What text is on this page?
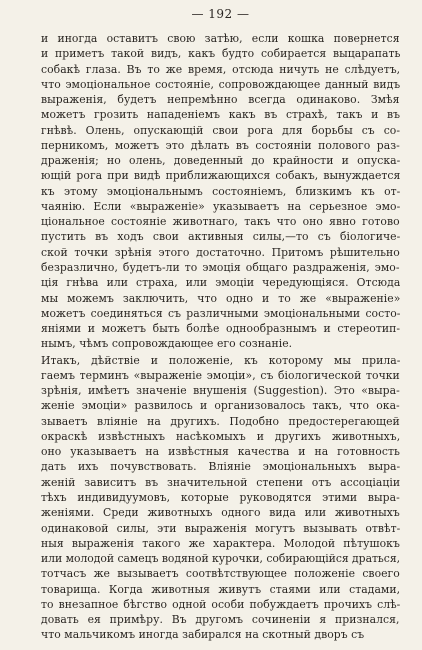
— 192 —
и иногда оставитъ свою затѣю, если кошка повернется
и приметъ такой видъ, какъ будто собирается выцарапать
собакѣ глаза. Въ то же время, отсюда ничуть не слѣдуетъ,
что эмоціональное состояніе, сопровождающее данный видъ
выраженія, будетъ непремѣнно всегда одинаково. Змѣя
можетъ грозить нападеніемъ какъ въ страхѣ, такъ и въ
гнѣвѣ. Олень, опускающій свои рога для борьбы съ со-
перникомъ, можетъ это дѣлать въ состояніи полового раз-
драженія; но олень, доведенный до крайности и опуска-
ющій рога при видѣ приближающихся собакъ, вынуждается
къ этому эмоціональнымъ состояніемъ, близкимъ къ от-
чаянію. Если «выраженіе» указываетъ на серьезное эмо-
ціональное состояніе животнаго, такъ что оно явно готово
пустить въ ходъ свои активныя силы,—то съ біологиче-
ской точки зрѣнія этого достаточно. Притомъ рѣшительно
безразлично, будетъ-ли то эмоція общаго раздраженія, эмо-
ція гнѣва или страха, или эмоціи чередующіяся. Отсюда
мы можемъ заключить, что одно и то же «выраженіе»
можетъ соединяться съ различными эмоціональными состо-
яніями и можетъ быть болѣе однообразнымъ и стереотип-
нымъ, чѣмъ сопровождающее его сознаніе.
Итакъ, дѣйствіе и положеніе, къ которому мы прила-
гаемъ терминъ «выраженіе эмоціи», съ біологической точки
зрѣнія, имѣетъ значеніе внушенія (Suggestion). Это «выра-
женіе эмоціи» развилось и организовалось такъ, что ока-
зываетъ вліяніе на другихъ. Подобно предостерегающей
окраскѣ извѣстныхъ насѣкомыхъ и другихъ животныхъ,
оно указываетъ на извѣстныя качества и на готовность
дать ихъ почувствовать. Вліяніе эмоціональныхъ выра-
женій зависитъ въ значительной степени отъ ассоціаціи
тѣхъ индивидуумовъ, которые руководятся этими выра-
женіями. Среди животныхъ одного вида или животныхъ
одинаковой силы, эти выраженія могутъ вызывать отвѣт-
ныя выраженія такого же характера. Молодой пѣтушокъ
или молодой самецъ водяной курочки, собирающійся драться,
тотчасъ же вызываетъ соотвѣтствующее положеніе своего
товарища. Когда животныя живутъ стаями или стадами,
то внезапное бѣгство одной особи побуждаетъ прочихъ слѣ-
довать ея примѣру. Въ другомъ сочиненіи я признался,
что мальчикомъ иногда забирался на скотный дворъ съ
